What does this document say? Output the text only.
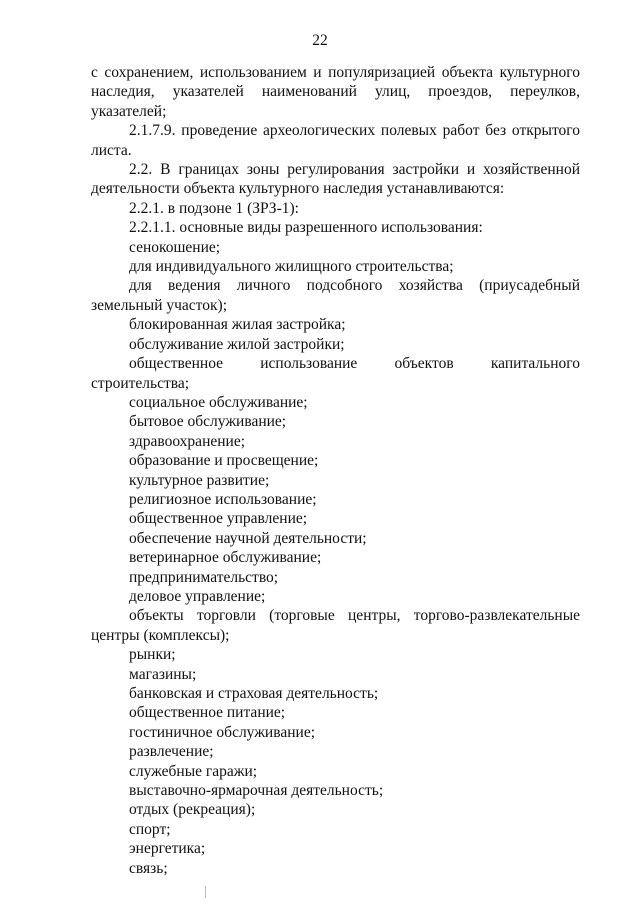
22

с сохранением, использованием и популяризацией объекта культурного наследия, указателей наименований улиц, проездов, переулков, указателей;

2.1.7.9. проведение археологических полевых работ без открытого листа.

2.2. В границах зоны регулирования застройки и хозяйственной деятельности объекта культурного наследия устанавливаются:

2.2.1. в подзоне 1 (ЗРЗ-1):

2.2.1.1. основные виды разрешенного использования:

сенокошение;
для индивидуального жилищного строительства;
для ведения личного подсобного хозяйства (приусадебный земельный участок);
блокированная жилая застройка;
обслуживание жилой застройки;
общественное использование объектов капитального строительства;
социальное обслуживание;
бытовое обслуживание;
здравоохранение;
образование и просвещение;
культурное развитие;
религиозное использование;
общественное управление;
обеспечение научной деятельности;
ветеринарное обслуживание;
предпринимательство;
деловое управление;
объекты торговли (торговые центры, торгово-развлекательные центры (комплексы);
рынки;
магазины;
банковская и страховая деятельность;
общественное питание;
гостиничное обслуживание;
развлечение;
служебные гаражи;
выставочно-ярмарочная деятельность;
отдых (рекреация);
спорт;
энергетика;
связь;
